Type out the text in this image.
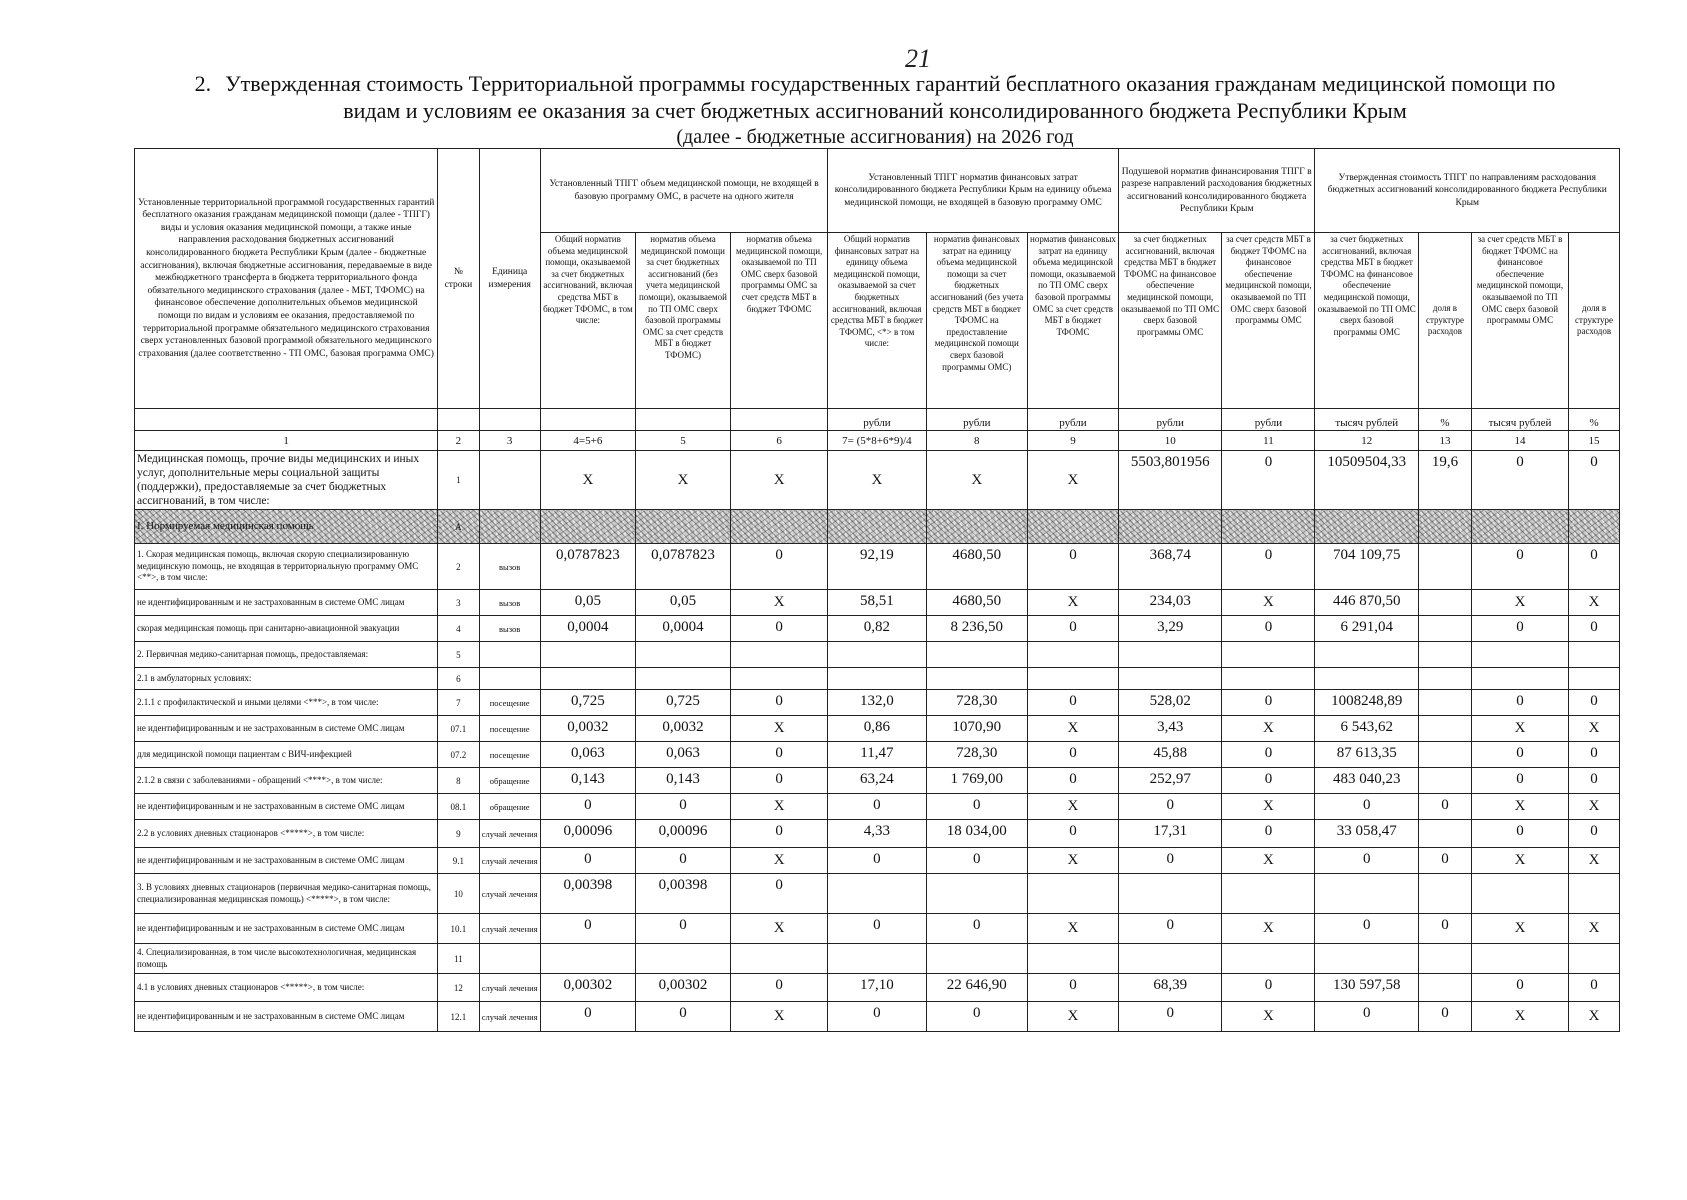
21
2. Утвержденная стоимость Территориальной программы государственных гарантий бесплатного оказания гражданам медицинской помощи по
видам и условиям ее оказания за счет бюджетных ассигнований консолидированного бюджета Республики Крым

(далее - бюджетные ассигнования) на 2026 год
Установленные территориальной программой государственных гарантий бесплатного оказания гражданам медицинской помощи (далее - ТПГГ) виды и условия оказания медицинской помощи, а также иные направления расходования бюджетных ассигнований консолидированного бюджета Республики Крым (далее - бюджетные ассигнования), включая бюджетные ассигнования, передаваемые в виде межбюджетного трансферта в бюджета территориального фонда обязательного медицинского страхования (далее - МБТ, ТФОМС) на финансовое обеспечение дополнительных объемов медицинской помощи по видам и условиям ее оказания, предоставляемой по территориальной программе обязательного медицинского страхования сверх установленных базовой программой обязательного медицинского страхования (далее соответственно - ТП ОМС, базовая программа ОМС)	№ строки	Единица измерения	Установленный ТПГГ объем медицинской помощи, не входящей в базовую программу ОМС, в расчете на одного жителя			Установленный ТПГГ норматив финансовых затрат консолидированного бюджета Республики Крым на единицу объема медицинской помощи, не входящей в базовую программу ОМС			Подушевой норматив финансирования ТПГГ в разрезе направлений расходования бюджетных ассигнований консолидированного бюджета Республики Крым		Утвержденная стоимость ТПГГ по направлениям расходования бюджетных ассигнований консолидированного бюджета Республики Крым			
			Общий норматив объема медицинской помощи, оказываемой за счет бюджетных ассигнований, включая средства МБТ в бюджет ТФОМС, в том числе:	норматив объема медицинской помощи за счет бюджетных ассигнований (без учета медицинской помощи), оказываемой по ТП ОМС сверх базовой программы ОМС за счет средств МБТ в бюджет ТФОМС)	норматив объема медицинской помощи, оказываемой по ТП ОМС сверх базовой программы ОМС за счет средств МБТ в бюджет ТФОМС	Общий норматив финансовых затрат на единицу объема медицинской помощи, оказываемой за счет бюджетных ассигнований, включая средства МБТ в бюджет ТФОМС, <*> в том числе:	норматив финансовых затрат на единицу объема медицинской помощи за счет бюджетных ассигнований (без учета средств МБТ в бюджет ТФОМС на предоставление медицинской помощи сверх базовой программы ОМС)	норматив финансовых затрат на единицу объема медицинской помощи, оказываемой по ТП ОМС сверх базовой программы ОМС за счет средств МБТ в бюджет ТФОМС	за счет бюджетных ассигнований, включая средства МБТ в бюджет ТФОМС на финансовое обеспечение медицинской помощи, оказываемой по ТП ОМС сверх базовой программы ОМС	за счет средств МБТ в бюджет ТФОМС на финансовое обеспечение медицинской помощи, оказываемой по ТП ОМС сверх базовой программы ОМС	за счет бюджетных ассигнований, включая средства МБТ в бюджет ТФОМС на финансовое обеспечение медицинской помощи, оказываемой по ТП ОМС сверх базовой программы ОМС	доля в структуре расходов	за счет средств МБТ в бюджет ТФОМС на финансовое обеспечение медицинской помощи, оказываемой по ТП ОМС сверх базовой программы ОМС	доля в структуре расходов
						рубли	рубли	рубли	рубли	рубли	тысяч рублей	%	тысяч рублей	%
1	2	3	4=5+6	5	6	7= (5*8+6*9)/4	8	9	10	11	12	13	14	15
Медицинская помощь, прочие виды медицинских и иных услуг, дополнительные меры социальной защиты (поддержки), предоставляемые за счет бюджетных ассигнований, в том числе:	1		X	X	X	X	X	X	5503,801956	0	10509504,33	19,6	0	0
I. Нормируемая медицинская помощь	А													
1. Скорая медицинская помощь, включая скорую специализированную медицинскую помощь, не входящая в территориальную программу ОМС <**>, в том числе:	2	вызов	0,0787823	0,0787823	0	92,19	4680,50	0	368,74	0	704 109,75		0	0
не идентифицированным и не застрахованным в системе ОМС лицам	3	вызов	0,05	0,05	X	58,51	4680,50	X	234,03	X	446 870,50		X	X
скорая медицинская помощь при санитарно-авиационной эвакуации	4	вызов	0,0004	0,0004	0	0,82	8 236,50	0	3,29	0	6 291,04		0	0
2. Первичная медико-санитарная помощь, предоставляемая:	5													
2.1 в амбулаторных условиях:	6													
2.1.1 с профилактической и иными целями <***>, в том числе:	7	посещение	0,725	0,725	0	132,0	728,30	0	528,02	0	1008248,89		0	0
не идентифицированным и не застрахованным в системе ОМС лицам	07.1	посещение	0,0032	0,0032	X	0,86	1070,90	X	3,43	X	6 543,62		X	X
для медицинской помощи пациентам с ВИЧ-инфекцией	07.2	посещение	0,063	0,063	0	11,47	728,30	0	45,88	0	87 613,35		0	0
2.1.2 в связи с заболеваниями - обращений <****>, в том числе:	8	обращение	0,143	0,143	0	63,24	1 769,00	0	252,97	0	483 040,23		0	0
не идентифицированным и не застрахованным в системе ОМС лицам	08.1	обращение	0	0	X	0	0	X	0	X	0	0	X	X
2.2 в условиях дневных стационаров <*****>, в том числе:	9	случай лечения	0,00096	0,00096	0	4,33	18 034,00	0	17,31	0	33 058,47		0	0
не идентифицированным и не застрахованным в системе ОМС лицам	9.1	случай лечения	0	0	X	0	0	X	0	X	0	0	X	X
3. В условиях дневных стационаров (первичная медико-санитарная помощь, специализированная медицинская помощь) <*****>, в том числе:	10	случай лечения	0,00398	0,00398	0									
не идентифицированным и не застрахованным в системе ОМС лицам	10.1	случай лечения	0	0	X	0	0	X	0	X	0	0	X	X
4. Специализированная, в том числе высокотехнологичная, медицинская помощь	11													
4.1 в условиях дневных стационаров <*****>, в том числе:	12	случай лечения	0,00302	0,00302	0	17,10	22 646,90	0	68,39	0	130 597,58		0	0
не идентифицированным и не застрахованным в системе ОМС лицам	12.1	случай лечения	0	0	X	0	0	X	0	X	0	0	X	X
